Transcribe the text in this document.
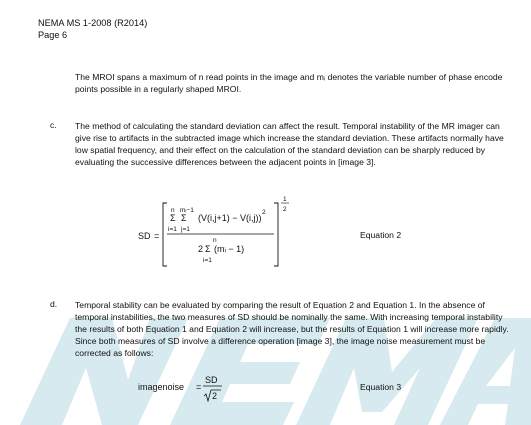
NEMA MS 1-2008 (R2014)
Page 6
The MROI spans a maximum of n read points in the image and mᵢ denotes the variable number of phase encode points possible in a regularly shaped MROI.
c. The method of calculating the standard deviation can affect the result. Temporal instability of the MR imager can give rise to artifacts in the subtracted image which increase the standard deviation. These artifacts normally have low spatial frequency, and their effect on the calculation of the standard deviation can be sharply reduced by evaluating the successive differences between the adjacent points in [image 3].
SD =
n mᵢ−1
Σ Σ
i=1 j=1
(V(i,j+1) − V(i,j))
2
n
2 Σ (mᵢ − 1)
i=1
1
2
imagenoise =
SD
2
Equation 2
d. Temporal stability can be evaluated by comparing the result of Equation 2 and Equation 1. In the absence of temporal instabilities, the two measures of SD should be nominally the same. With increasing temporal instability the results of both Equation 1 and Equation 2 will increase, but the results of Equation 1 will increase more rapidly. Since both measures of SD involve a difference operation [image 3], the image noise measurement must be corrected as follows:
Equation 3
